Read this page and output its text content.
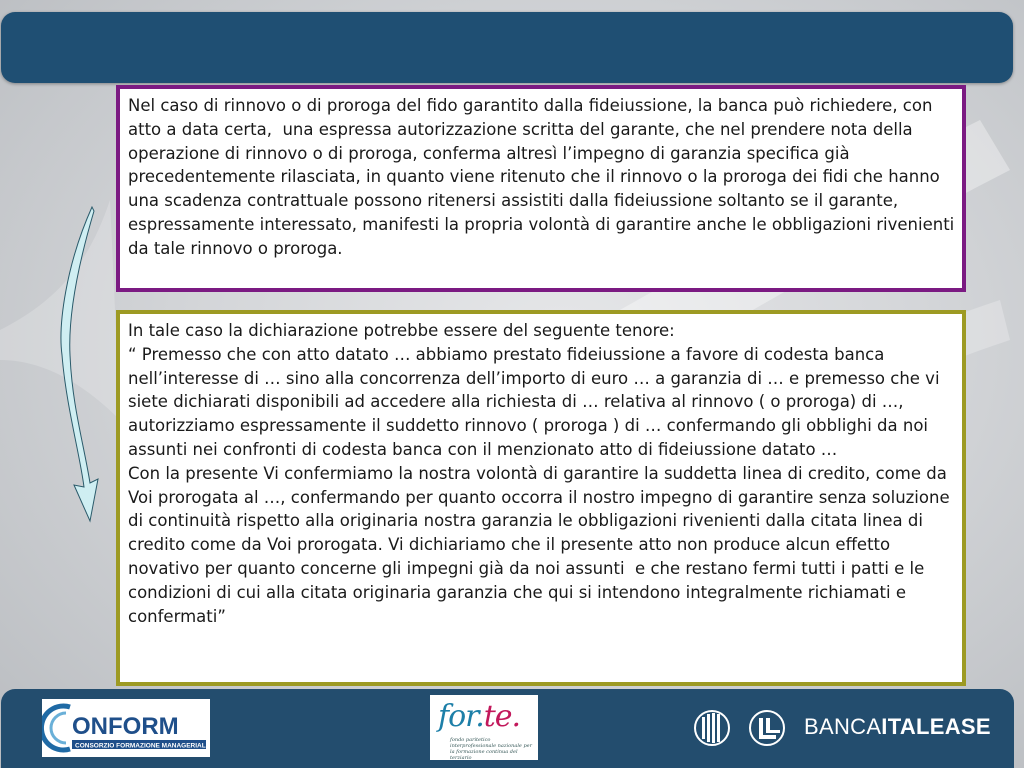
Nel caso di rinnovo o di proroga del fido garantito dalla fideiussione, la banca può richiedere, con atto a data certa,  una espressa autorizzazione scritta del garante, che nel prendere nota della operazione di rinnovo o di proroga, conferma altresì l’impegno di garanzia specifica già precedentemente rilasciata, in quanto viene ritenuto che il rinnovo o la proroga dei fidi che hanno una scadenza contrattuale possono ritenersi assistiti dalla fideiussione soltanto se il garante, espressamente interessato, manifesti la propria volontà di garantire anche le obbligazioni rivenienti da tale rinnovo o proroga.
In tale caso la dichiarazione potrebbe essere del seguente tenore:
“ Premesso che con atto datato … abbiamo prestato fideiussione a favore di codesta banca nell’interesse di … sino alla concorrenza dell’importo di euro … a garanzia di … e premesso che vi siete dichiarati disponibili ad accedere alla richiesta di … relativa al rinnovo ( o proroga) di …,  autorizziamo espressamente il suddetto rinnovo ( proroga ) di … confermando gli obblighi da noi assunti nei confronti di codesta banca con il menzionato atto di fideiussione datato …
Con la presente Vi confermiamo la nostra volontà di garantire la suddetta linea di credito, come da Voi prorogata al …, confermando per quanto occorra il nostro impegno di garantire senza soluzione di continuità rispetto alla originaria nostra garanzia le obbligazioni rivenienti dalla citata linea di credito come da Voi prorogata. Vi dichiariamo che il presente atto non produce alcun effetto novativo per quanto concerne gli impegni già da noi assunti  e che restano fermi tutti i patti e le condizioni di cui alla citata originaria garanzia che qui si intendono integralmente richiamati e confermati”
ONFORM
CONSORZIO FORMAZIONE MANAGERIALE
for.te.
fondo paritetico interprofessionale nazionale per la formazione continua del terziario
BANCAITALEASE
